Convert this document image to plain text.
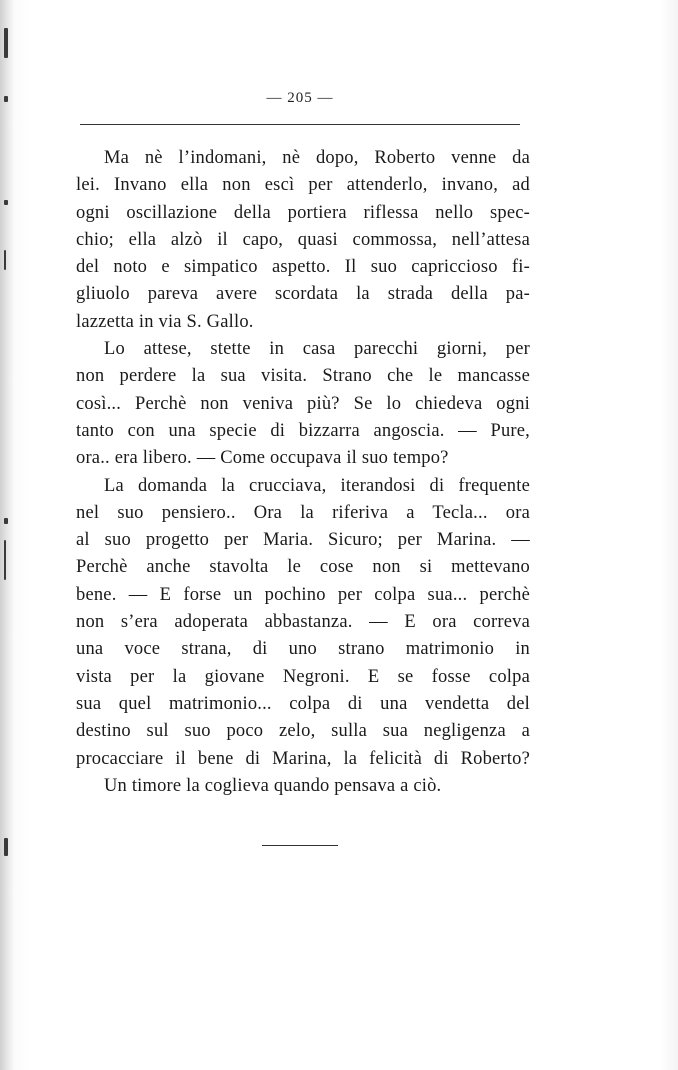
— 205 —
Ma nè l’indomani, nè dopo, Roberto venne da
lei. Invano ella non escì per attenderlo, invano, ad
ogni oscillazione della portiera riflessa nello spec-
chio; ella alzò il capo, quasi commossa, nell’attesa
del noto e simpatico aspetto. Il suo capriccioso fi-
gliuolo pareva avere scordata la strada della pa-
lazzetta in via S. Gallo.
Lo attese, stette in casa parecchi giorni, per
non perdere la sua visita. Strano che le mancasse
così... Perchè non veniva più? Se lo chiedeva ogni
tanto con una specie di bizzarra angoscia. — Pure,
ora.. era libero. — Come occupava il suo tempo?
La domanda la crucciava, iterandosi di frequente
nel suo pensiero.. Ora la riferiva a Tecla... ora
al suo progetto per Maria. Sicuro; per Marina. —
Perchè anche stavolta le cose non si mettevano
bene. — E forse un pochino per colpa sua... perchè
non s’era adoperata abbastanza. — E ora correva
una voce strana, di uno strano matrimonio in
vista per la giovane Negroni. E se fosse colpa
sua quel matrimonio... colpa di una vendetta del
destino sul suo poco zelo, sulla sua negligenza a
procacciare il bene di Marina, la felicità di Roberto?
Un timore la coglieva quando pensava a ciò.
